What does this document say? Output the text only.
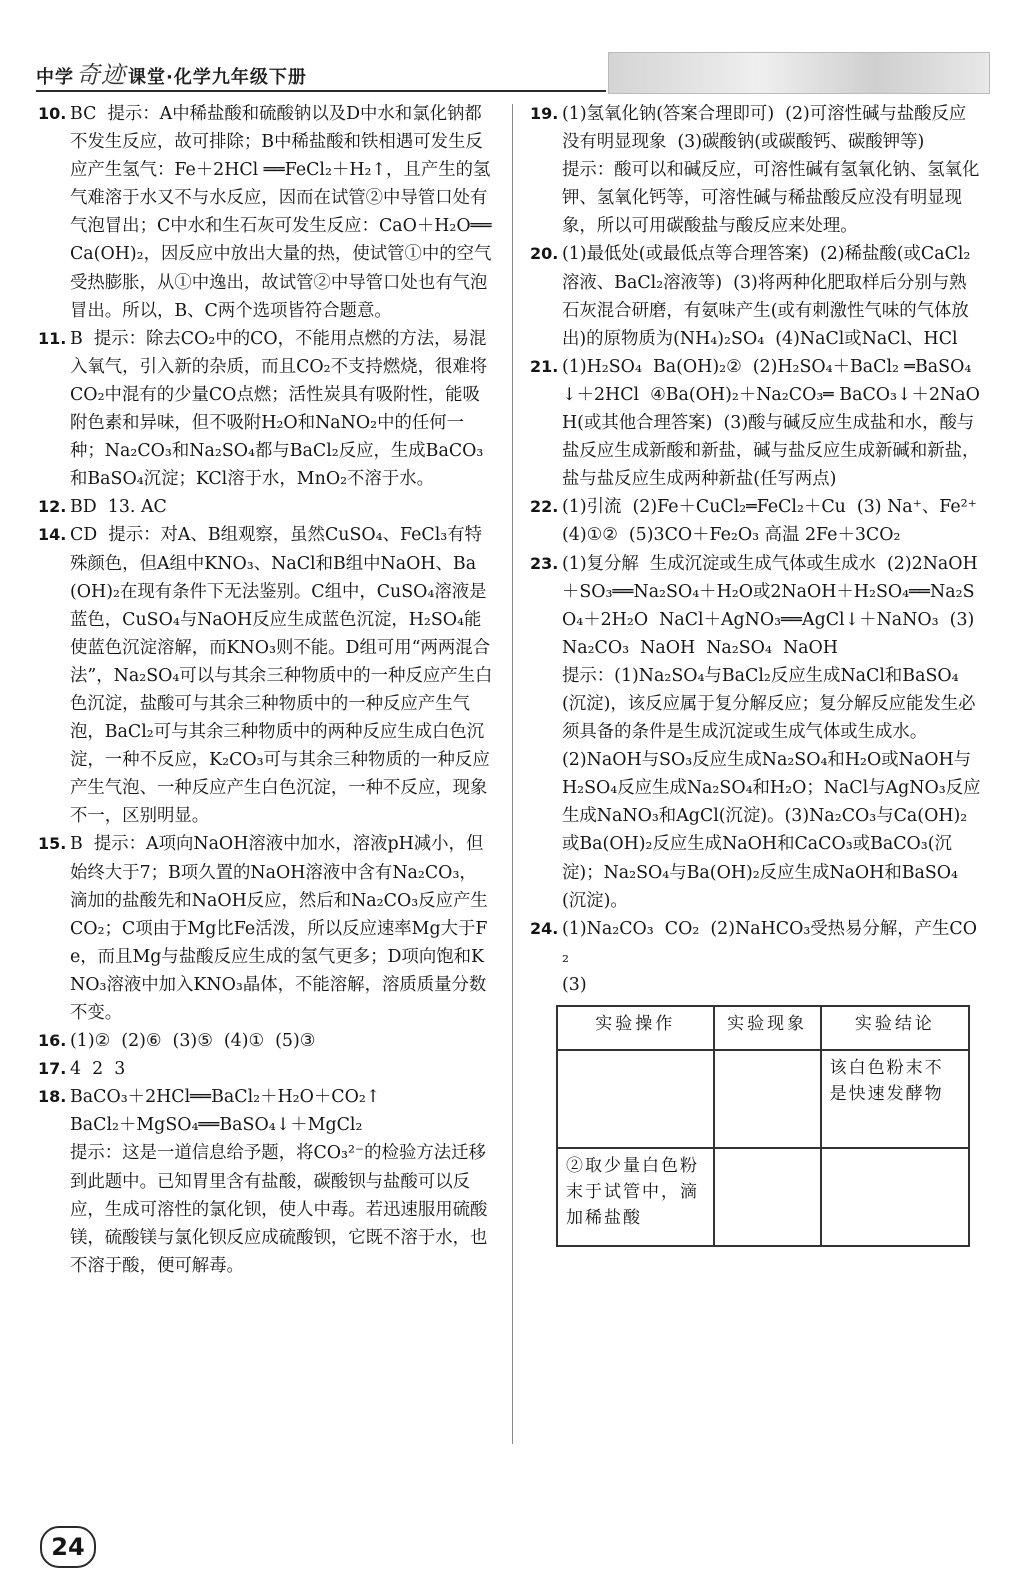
中学奇迹 课堂·化学九年级下册
10. BC  提示：A中稀盐酸和硫酸钠以及D中水和氯化钠都不发生反应，故可排除；B中稀盐酸和铁相遇可发生反应产生氢气：Fe＋2HCl ══FeCl₂＋H₂↑，且产生的氢气难溶于水又不与水反应，因而在试管②中导管口处有气泡冒出；C中水和生石灰可发生反应：CaO＋H₂O══Ca(OH)₂，因反应中放出大量的热，使试管①中的空气受热膨胀，从①中逸出，故试管②中导管口处也有气泡冒出。所以，B、C两个选项皆符合题意。
11. B  提示：除去CO₂中的CO，不能用点燃的方法，易混入氧气，引入新的杂质，而且CO₂不支持燃烧，很难将CO₂中混有的少量CO点燃；活性炭具有吸附性，能吸附色素和异味，但不吸附H₂O和NaNO₂中的任何一种；Na₂CO₃和Na₂SO₄都与BaCl₂反应，生成BaCO₃和BaSO₄沉淀；KCl溶于水，MnO₂不溶于水。
12. BD  13. AC
14. CD  提示：对A、B组观察，虽然CuSO₄、FeCl₃有特殊颜色，但A组中KNO₃、NaCl和B组中NaOH、Ba(OH)₂在现有条件下无法鉴别。C组中，CuSO₄溶液是蓝色，CuSO₄与NaOH反应生成蓝色沉淀，H₂SO₄能使蓝色沉淀溶解，而KNO₃则不能。D组可用“两两混合法”，Na₂SO₄可以与其余三种物质中的一种反应产生白色沉淀，盐酸可与其余三种物质中的一种反应产生气泡，BaCl₂可与其余三种物质中的两种反应生成白色沉淀，一种不反应，K₂CO₃可与其余三种物质的一种反应产生气泡、一种反应产生白色沉淀，一种不反应，现象不一，区别明显。
15. B  提示：A项向NaOH溶液中加水，溶液pH减小，但始终大于7；B项久置的NaOH溶液中含有Na₂CO₃，滴加的盐酸先和NaOH反应，然后和Na₂CO₃反应产生CO₂；C项由于Mg比Fe活泼，所以反应速率Mg大于Fe，而且Mg与盐酸反应生成的氢气更多；D项向饱和KNO₃溶液中加入KNO₃晶体，不能溶解，溶质质量分数不变。
16. (1)②  (2)⑥  (3)⑤  (4)①  (5)③
17. 4  2  3
18. BaCO₃＋2HCl══BaCl₂＋H₂O＋CO₂↑
BaCl₂＋MgSO₄══BaSO₄↓＋MgCl₂
提示：这是一道信息给予题，将CO₃²⁻的检验方法迁移到此题中。已知胃里含有盐酸，碳酸钡与盐酸可以反应，生成可溶性的氯化钡，使人中毒。若迅速服用硫酸镁，硫酸镁与氯化钡反应成硫酸钡，它既不溶于水，也不溶于酸，便可解毒。
19. (1)氢氧化钠(答案合理即可)  (2)可溶性碱与盐酸反应没有明显现象  (3)碳酸钠(或碳酸钙、碳酸钾等)
提示：酸可以和碱反应，可溶性碱有氢氧化钠、氢氧化钾、氢氧化钙等，可溶性碱与稀盐酸反应没有明显现象，所以可用碳酸盐与酸反应来处理。
20. (1)最低处(或最低点等合理答案)  (2)稀盐酸(或CaCl₂溶液、BaCl₂溶液等)  (3)将两种化肥取样后分别与熟石灰混合研磨，有氨味产生(或有刺激性气味的气体放出)的原物质为(NH₄)₂SO₄  (4)NaCl或NaCl、HCl
21. (1)H₂SO₄  Ba(OH)₂②  (2)H₂SO₄＋BaCl₂ ═BaSO₄↓＋2HCl  ④Ba(OH)₂＋Na₂CO₃═ BaCO₃↓＋2NaOH(或其他合理答案)  (3)酸与碱反应生成盐和水，酸与盐反应生成新酸和新盐，碱与盐反应生成新碱和新盐，盐与盐反应生成两种新盐(任写两点)
22. (1)引流  (2)Fe＋CuCl₂═FeCl₂＋Cu  (3) Na⁺、Fe²⁺  (4)①②  (5)3CO＋Fe₂O₃ 高温 2Fe＋3CO₂
23. (1)复分解  生成沉淀或生成气体或生成水  (2)2NaOH＋SO₃══Na₂SO₄＋H₂O或2NaOH＋H₂SO₄══Na₂SO₄＋2H₂O  NaCl＋AgNO₃══AgCl↓＋NaNO₃  (3)Na₂CO₃  NaOH  Na₂SO₄  NaOH
提示：(1)Na₂SO₄与BaCl₂反应生成NaCl和BaSO₄(沉淀)，该反应属于复分解反应；复分解反应能发生必须具备的条件是生成沉淀或生成气体或生成水。
(2)NaOH与SO₃反应生成Na₂SO₄和H₂O或NaOH与H₂SO₄反应生成Na₂SO₄和H₂O；NaCl与AgNO₃反应生成NaNO₃和AgCl(沉淀)。(3)Na₂CO₃与Ca(OH)₂或Ba(OH)₂反应生成NaOH和CaCO₃或BaCO₃(沉淀)；Na₂SO₄与Ba(OH)₂反应生成NaOH和BaSO₄(沉淀)。
24. (1)Na₂CO₃  CO₂  (2)NaHCO₃受热易分解，产生CO₂
(3)
实验操作	实验现象	实验结论
		该白色粉末不是快速发酵物
②取少量白色粉末于试管中，滴加稀盐酸		
24
